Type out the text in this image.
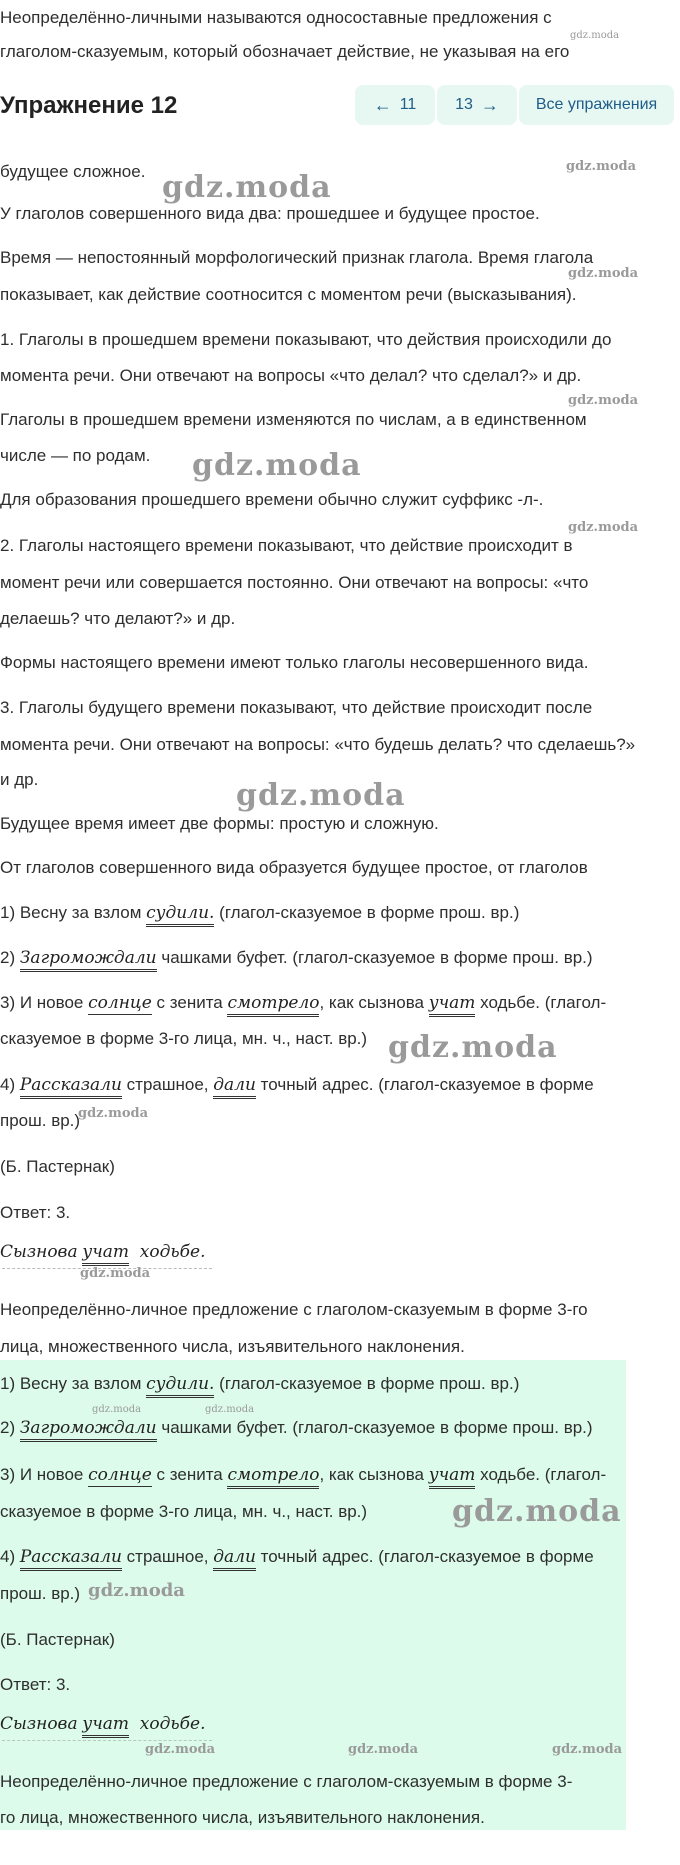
Неопределённо-личными называются односоставные предложения с
глаголом-сказуемым, который обозначает действие, не указывая на его
Упражнение 12	← 11 13 → Все упражнения
будущее сложное.
У глаголов совершенного вида два: прошедшее и будущее простое.
Время — непостоянный морфологический признак глагола. Время глагола
показывает, как действие соотносится с моментом речи (высказывания).
1. Глаголы в прошедшем времени показывают, что действия происходили до
момента речи. Они отвечают на вопросы «что делал? что сделал?» и др.
Глаголы в прошедшем времени изменяются по числам, а в единственном
числе — по родам.
Для образования прошедшего времени обычно служит суффикс -л-.
2. Глаголы настоящего времени показывают, что действие происходит в
момент речи или совершается постоянно. Они отвечают на вопросы: «что
делаешь? что делают?» и др.
Формы настоящего времени имеют только глаголы несовершенного вида.
3. Глаголы будущего времени показывают, что действие происходит после
момента речи. Они отвечают на вопросы: «что будешь делать? что сделаешь?»
и др.
Будущее время имеет две формы: простую и сложную.
От глаголов совершенного вида образуется будущее простое, от глаголов
1) Весну за взлом судили. (глагол-сказуемое в форме прош. вр.)
2) Загромождали чашками буфет. (глагол-сказуемое в форме прош. вр.)
3) И новое солнце с зенита смотрело, как сызнова учат ходьбе. (глагол-
сказуемое в форме 3-го лица, мн. ч., наст. вр.)
4) Рассказали страшное, дали точный адрес. (глагол-сказуемое в форме
прош. вр.)
(Б. Пастернак)
Ответ: 3.
Сызнова учат ходьбе.
Неопределённо-личное предложение с глаголом-сказуемым в форме 3-го
лица, множественного числа, изъявительного наклонения.
1) Весну за взлом судили. (глагол-сказуемое в форме прош. вр.)
2) Загромождали чашками буфет. (глагол-сказуемое в форме прош. вр.)
3) И новое солнце с зенита смотрело, как сызнова учат ходьбе. (глагол-
сказуемое в форме 3-го лица, мн. ч., наст. вр.)
4) Рассказали страшное, дали точный адрес. (глагол-сказуемое в форме
прош. вр.)
(Б. Пастернак)
Ответ: 3.
Сызнова учат ходьбе.
Неопределённо-личное предложение с глаголом-сказуемым в форме 3-
го лица, множественного числа, изъявительного наклонения.
gdz.moda
gdz.moda
gdz.moda
gdz.moda
gdz.moda
gdz.moda
gdz.moda
gdz.moda
gdz.moda
gdz.moda
gdz.moda
gdz.moda	gdz.moda
gdz.moda
gdz.moda
gdz.moda	gdz.moda	gdz.moda
